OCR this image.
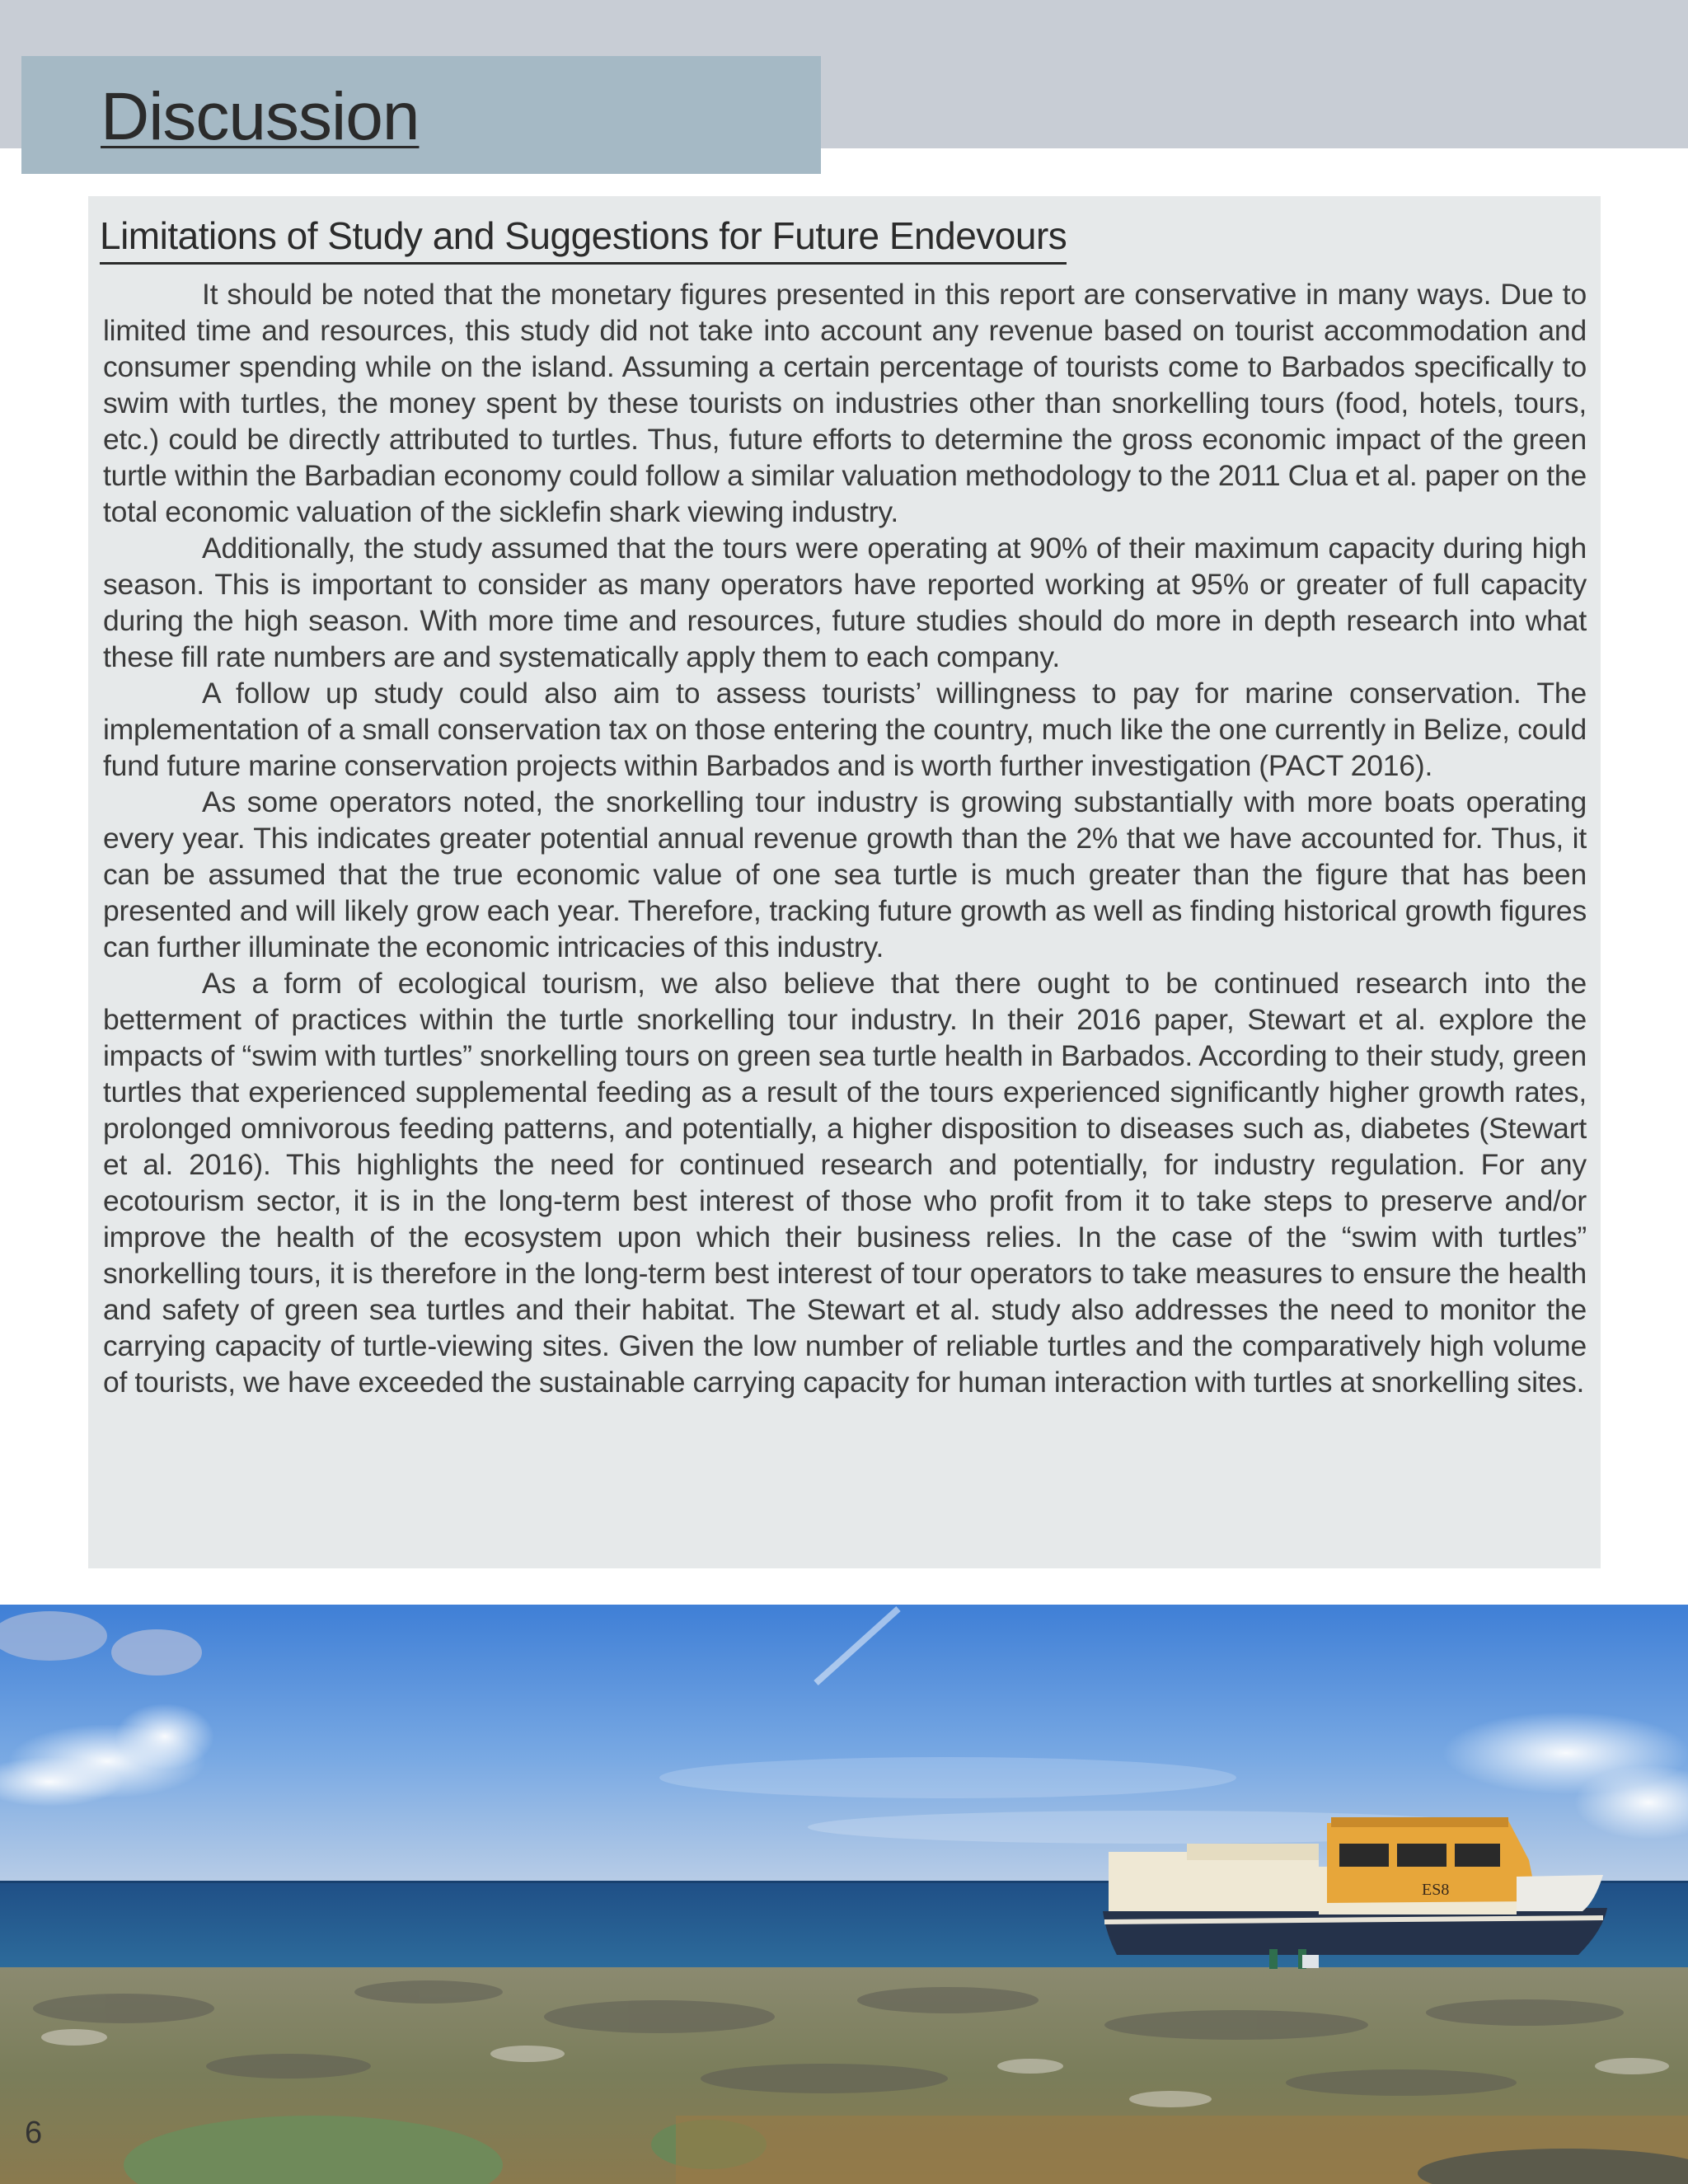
Discussion
Limitations of Study and Suggestions for Future Endevours

It should be noted that the monetary figures presented in this report are conservative in many ways. Due to limited time and resources, this study did not take into account any revenue based on tourist accommodation and consumer spending while on the island. Assuming a certain percentage of tourists come to Barbados specifically to swim with turtles, the money spent by these tourists on industries other than snorkelling tours (food, hotels, tours, etc.) could be directly attributed to turtles. Thus, future efforts to determine the gross economic impact of the green turtle within the Barbadian economy could follow a similar valuation methodology to the 2011 Clua et al. paper on the total economic valuation of the sicklefin shark viewing industry.

Additionally, the study assumed that the tours were operating at 90% of their maximum capacity during high season. This is important to consider as many operators have reported working at 95% or greater of full capacity during the high season. With more time and resources, future studies should do more in depth research into what these fill rate numbers are and systematically apply them to each company.

A follow up study could also aim to assess tourists’ willingness to pay for marine conservation. The implementation of a small conservation tax on those entering the country, much like the one currently in Belize, could fund future marine conservation projects within Barbados and is worth further investigation (PACT 2016).

As some operators noted, the snorkelling tour industry is growing substantially with more boats operating every year. This indicates greater potential annual revenue growth than the 2% that we have accounted for. Thus, it can be assumed that the true economic value of one sea turtle is much greater than the figure that has been presented and will likely grow each year. Therefore, tracking future growth as well as finding historical growth figures can further illuminate the economic intricacies of this industry.

As a form of ecological tourism, we also believe that there ought to be continued research into the betterment of practices within the turtle snorkelling tour industry. In their 2016 paper, Stewart et al. explore the impacts of “swim with turtles” snorkelling tours on green sea turtle health in Barbados. According to their study, green turtles that experienced supplemental feeding as a result of the tours experienced significantly higher growth rates, prolonged omnivorous feeding patterns, and potentially, a higher disposition to diseases such as, diabetes (Stewart et al. 2016). This highlights the need for continued research and potentially, for industry regulation. For any ecotourism sector, it is in the long-term best interest of those who profit from it to take steps to preserve and/or improve the health of the ecosystem upon which their business relies. In the case of the “swim with turtles” snorkelling tours, it is therefore in the long-term best interest of tour operators to take measures to ensure the health and safety of green sea turtles and their habitat. The Stewart et al. study also addresses the need to monitor the carrying capacity of turtle-viewing sites. Given the low number of reliable turtles and the comparatively high volume of tourists, we have exceeded the sustainable carrying capacity for human interaction with turtles at snorkelling sites.

ES8

6
